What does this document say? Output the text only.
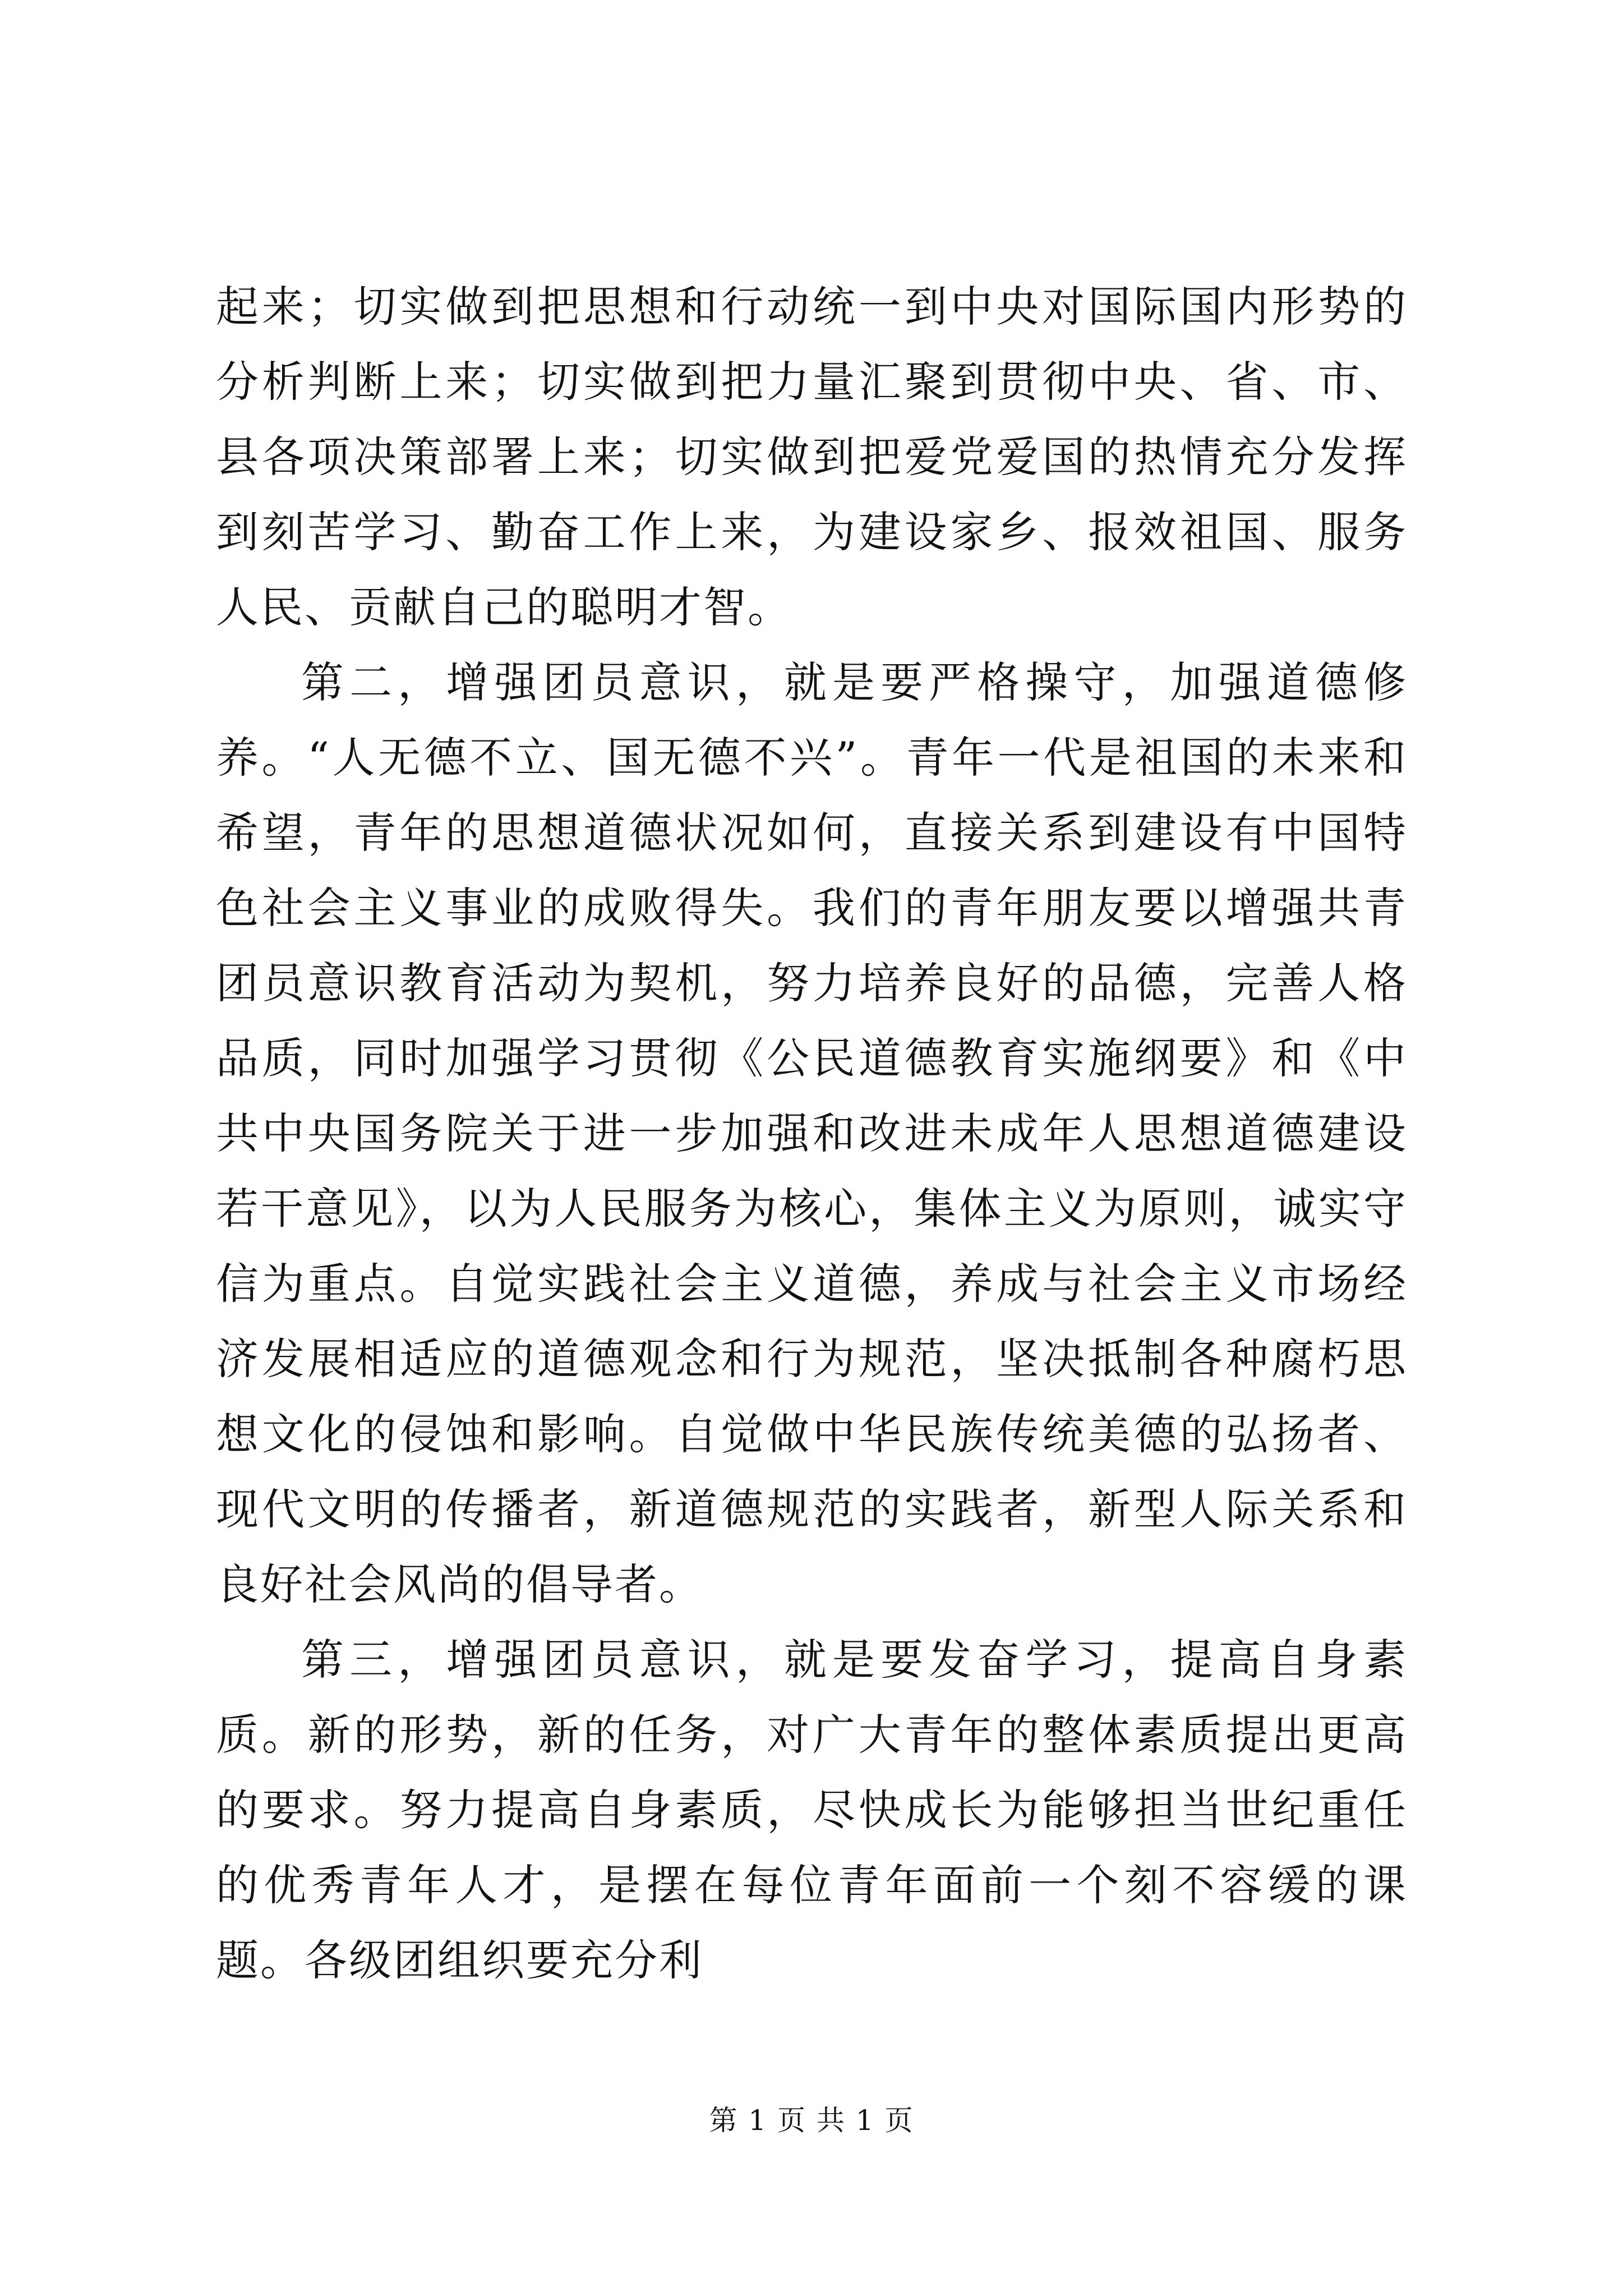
起来；切实做到把思想和行动统一到中央对国际国内形势的分析判断上来；切实做到把力量汇聚到贯彻中央、省、市、县各项决策部署上来；切实做到把爱党爱国的热情充分发挥到刻苦学习、勤奋工作上来，为建设家乡、报效祖国、服务人民、贡献自己的聪明才智。

第二，增强团员意识，就是要严格操守，加强道德修养。“人无德不立、国无德不兴”。青年一代是祖国的未来和希望，青年的思想道德状况如何，直接关系到建设有中国特色社会主义事业的成败得失。我们的青年朋友要以增强共青团员意识教育活动为契机，努力培养良好的品德，完善人格品质，同时加强学习贯彻《公民道德教育实施纲要》和《中共中央国务院关于进一步加强和改进未成年人思想道德建设若干意见》，以为人民服务为核心，集体主义为原则，诚实守信为重点。自觉实践社会主义道德，养成与社会主义市场经济发展相适应的道德观念和行为规范，坚决抵制各种腐朽思想文化的侵蚀和影响。自觉做中华民族传统美德的弘扬者、现代文明的传播者，新道德规范的实践者，新型人际关系和良好社会风尚的倡导者。

第三，增强团员意识，就是要发奋学习，提高自身素质。新的形势，新的任务，对广大青年的整体素质提出更高的要求。努力提高自身素质，尽快成长为能够担当世纪重任的优秀青年人才，是摆在每位青年面前一个刻不容缓的课题。各级团组织要充分利

第 1 页 共 1 页
